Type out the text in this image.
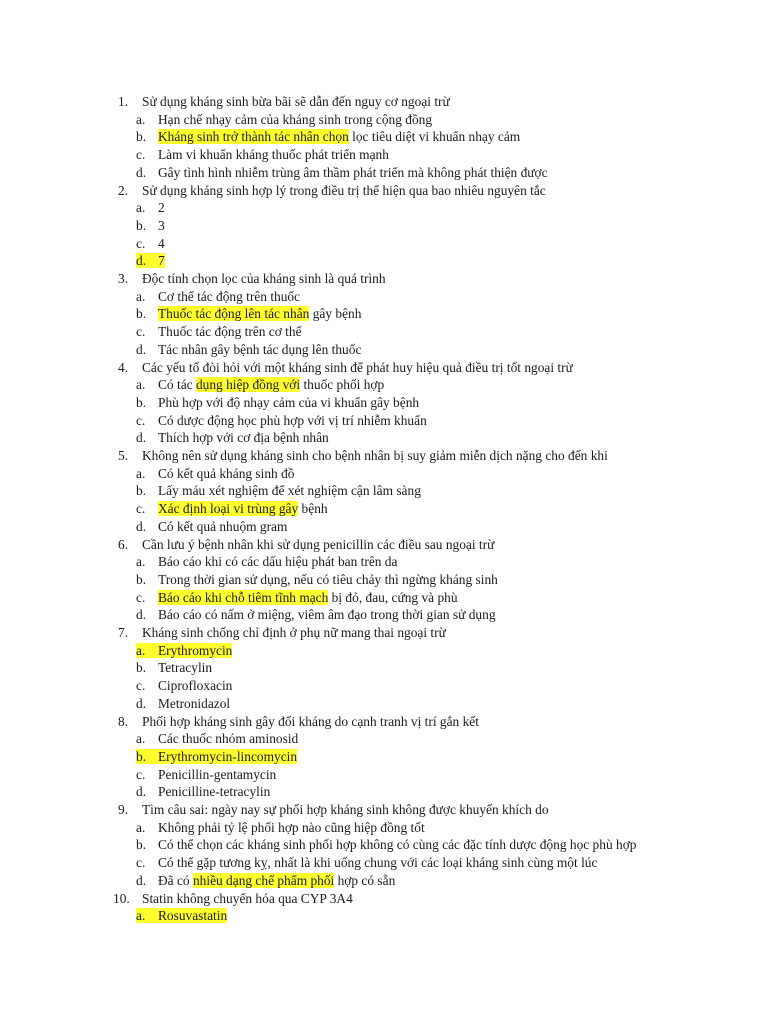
1. Sử dụng kháng sinh bừa bãi sẽ dẫn đến nguy cơ ngoại trừ
a. Hạn chế nhạy cảm của kháng sinh trong cộng đồng
b. Kháng sinh trở thành tác nhân chọn lọc tiêu diệt vi khuẩn nhạy cảm
c. Làm vi khuẩn kháng thuốc phát triển mạnh
d. Gây tình hình nhiễm trùng âm thầm phát triển mà không phát thiện được
2. Sử dụng kháng sinh hợp lý trong điều trị thể hiện qua bao nhiêu nguyên tắc
a. 2
b. 3
c. 4
d. 7
3. Độc tính chọn lọc của kháng sinh là quá trình
a. Cơ thể tác động trên thuốc
b. Thuốc tác động lên tác nhân gây bệnh
c. Thuốc tác động trên cơ thể
d. Tác nhân gây bệnh tác dụng lên thuốc
4. Các yếu tố đòi hỏi với một kháng sinh để phát huy hiệu quả điều trị tốt ngoại trừ
a. Có tác dụng hiệp đồng với thuốc phối hợp
b. Phù hợp với độ nhạy cảm của vi khuẩn gây bệnh
c. Có dược động học phù hợp với vị trí nhiễm khuẩn
d. Thích hợp với cơ địa bệnh nhân
5. Không nên sử dụng kháng sinh cho bệnh nhân bị suy giảm miễn dịch nặng cho đến khi
a. Có kết quả kháng sinh đồ
b. Lấy máu xét nghiệm để xét nghiệm cận lâm sàng
c. Xác định loại vi trùng gây bệnh
d. Có kết quả nhuộm gram
6. Cần lưu ý bệnh nhân khi sử dụng penicillin các điều sau ngoại trừ
a. Báo cáo khi có các dấu hiệu phát ban trên da
b. Trong thời gian sử dụng, nếu có tiêu chảy thì ngừng kháng sinh
c. Báo cáo khi chỗ tiêm tĩnh mạch bị đỏ, đau, cứng và phù
d. Báo cáo có nấm ở miệng, viêm âm đạo trong thời gian sử dụng
7. Kháng sinh chống chỉ định ở phụ nữ mang thai ngoại trừ
a. Erythromycin
b. Tetracylin
c. Ciprofloxacin
d. Metronidazol
8. Phối hợp kháng sinh gây đối kháng do cạnh tranh vị trí gắn kết
a. Các thuốc nhóm aminosid
b. Erythromycin-lincomycin
c. Penicillin-gentamycin
d. Penicilline-tetracylin
9. Tìm câu sai: ngày nay sự phối hợp kháng sinh không được khuyến khích do
a. Không phải tỷ lệ phối hợp nào cũng hiệp đồng tốt
b. Có thể chọn các kháng sinh phối hợp không có cùng các đặc tính dược động học phù hợp
c. Có thể gặp tương kỵ, nhất là khi uống chung với các loại kháng sinh cùng một lúc
d. Đã có nhiều dạng chế phẩm phối hợp có sẵn
10. Statin không chuyển hóa qua CYP 3A4
a. Rosuvastatin
